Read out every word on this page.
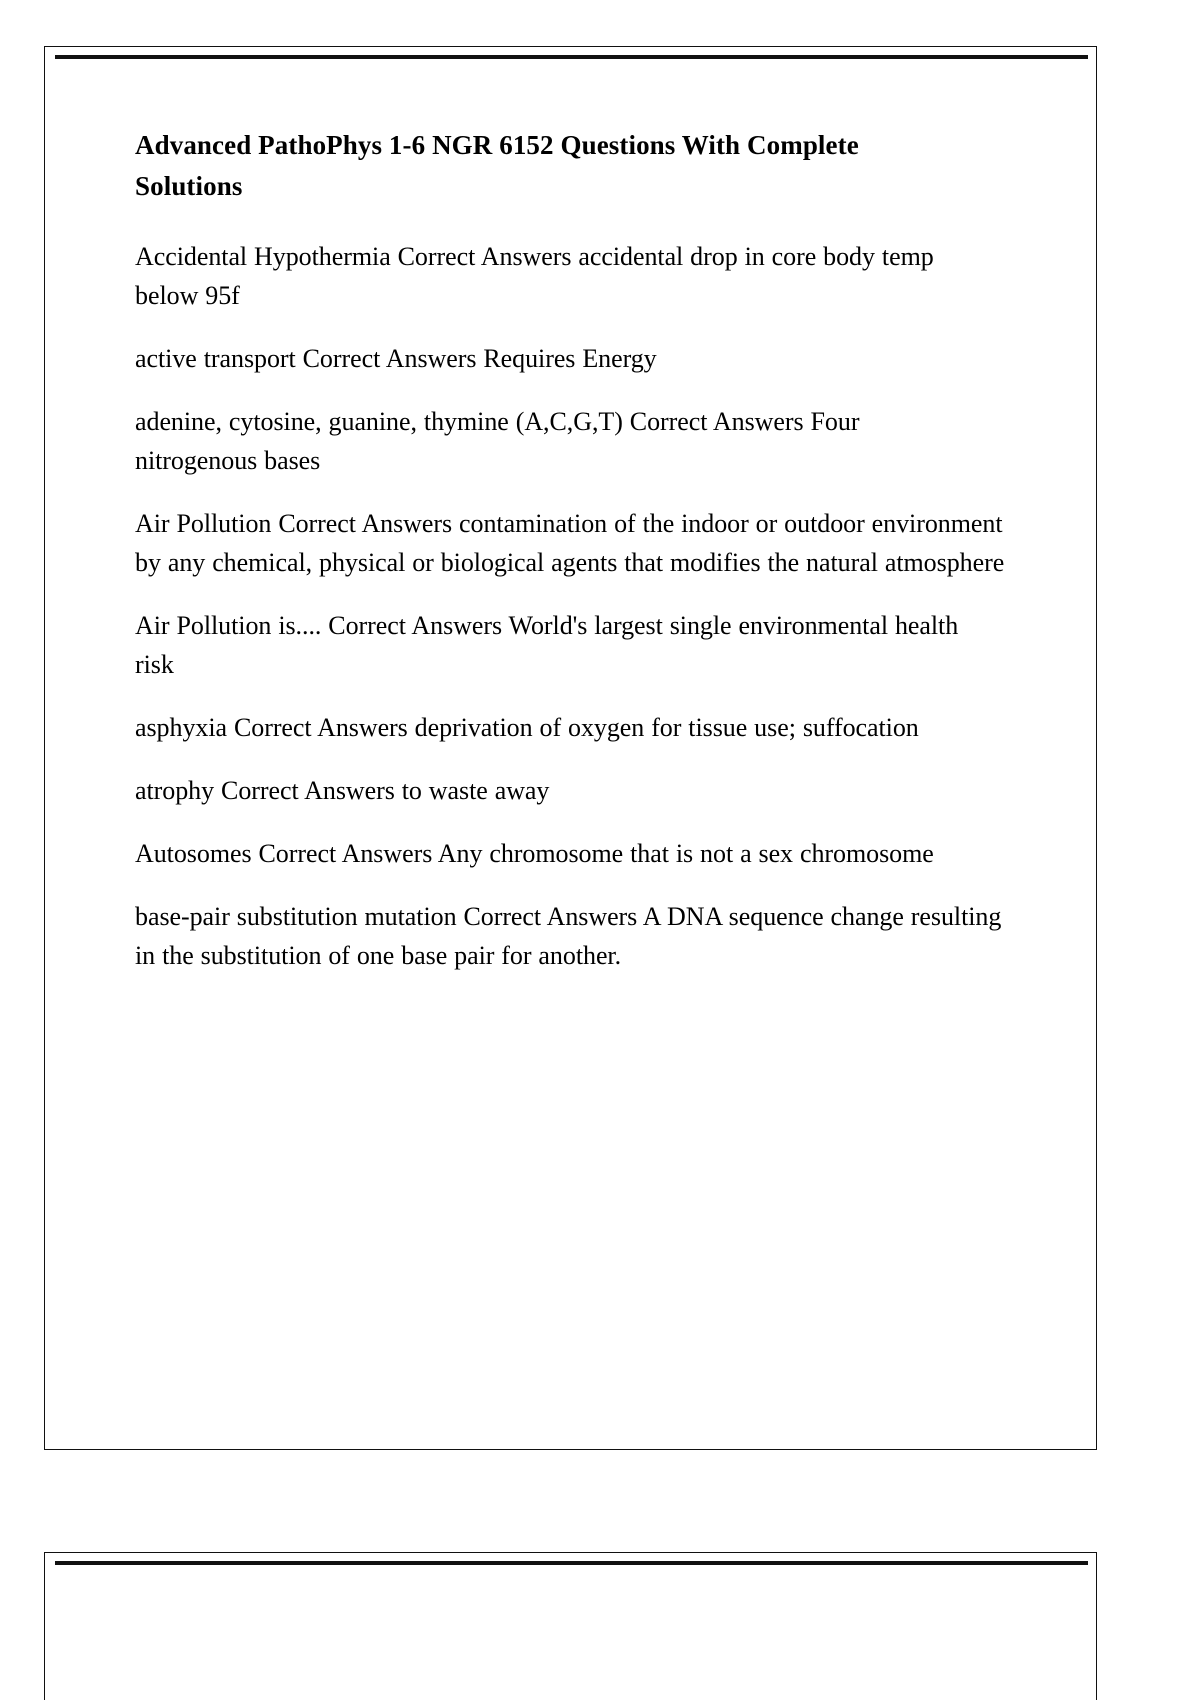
Advanced PathoPhys 1-6 NGR 6152 Questions With Complete Solutions

Accidental Hypothermia Correct Answers accidental drop in core body temp below 95f

active transport Correct Answers Requires Energy

adenine, cytosine, guanine, thymine (A,C,G,T) Correct Answers Four nitrogenous bases

Air Pollution Correct Answers contamination of the indoor or outdoor environment by any chemical, physical or biological agents that modifies the natural atmosphere

Air Pollution is.... Correct Answers World's largest single environmental health risk

asphyxia Correct Answers deprivation of oxygen for tissue use; suffocation

atrophy Correct Answers to waste away

Autosomes Correct Answers Any chromosome that is not a sex chromosome

base-pair substitution mutation Correct Answers A DNA sequence change resulting in the substitution of one base pair for another.
